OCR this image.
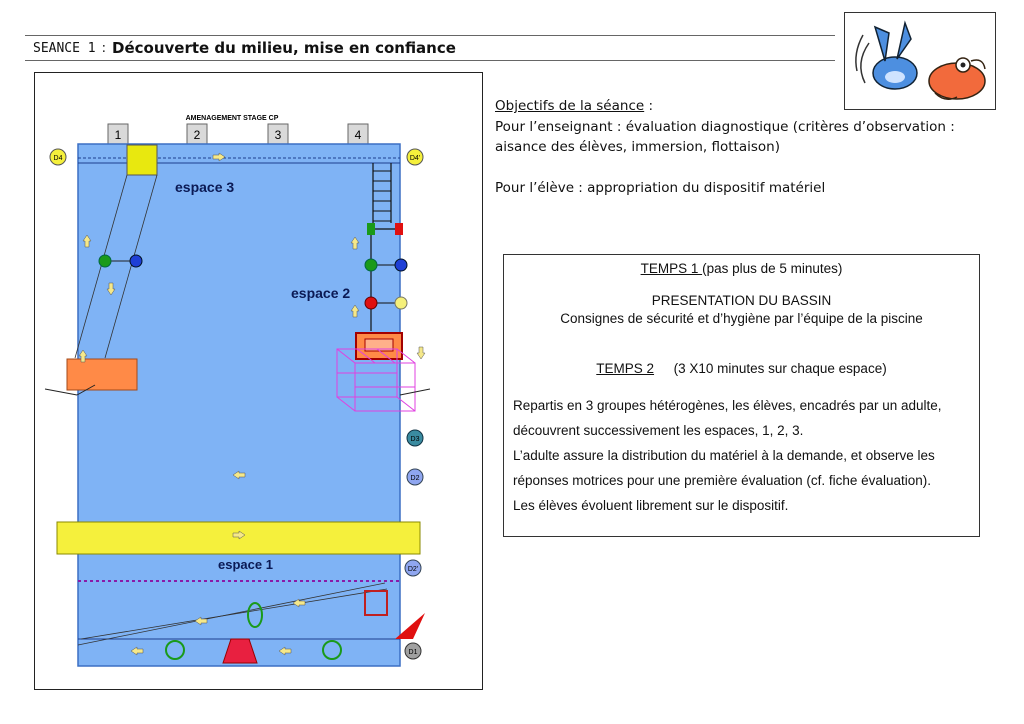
SEANCE 1 : Découverte du milieu, mise en confiance
AMENAGEMENT STAGE CP
1	2	3	4
espace 3
espace 2
espace 1
D4	D4'
D3
D2
D2'
D1

Objectifs de la séance :

Pour l’enseignant : évaluation diagnostique (critères d’observation : aisance des élèves, immersion, flottaison)

Pour l’élève : appropriation du dispositif matériel

TEMPS 1 (pas plus de 5 minutes)
PRESENTATION DU BASSIN
Consignes de sécurité et d’hygiène par l’équipe de la piscine
TEMPS 2 (3 X10 minutes sur chaque espace)
Repartis en 3 groupes hétérogènes, les élèves, encadrés par un adulte, découvrent successivement les espaces, 1, 2, 3.
L’adulte assure la distribution du matériel à la demande, et observe les réponses motrices pour une première évaluation (cf. fiche évaluation).
Les élèves évoluent librement sur le dispositif.
